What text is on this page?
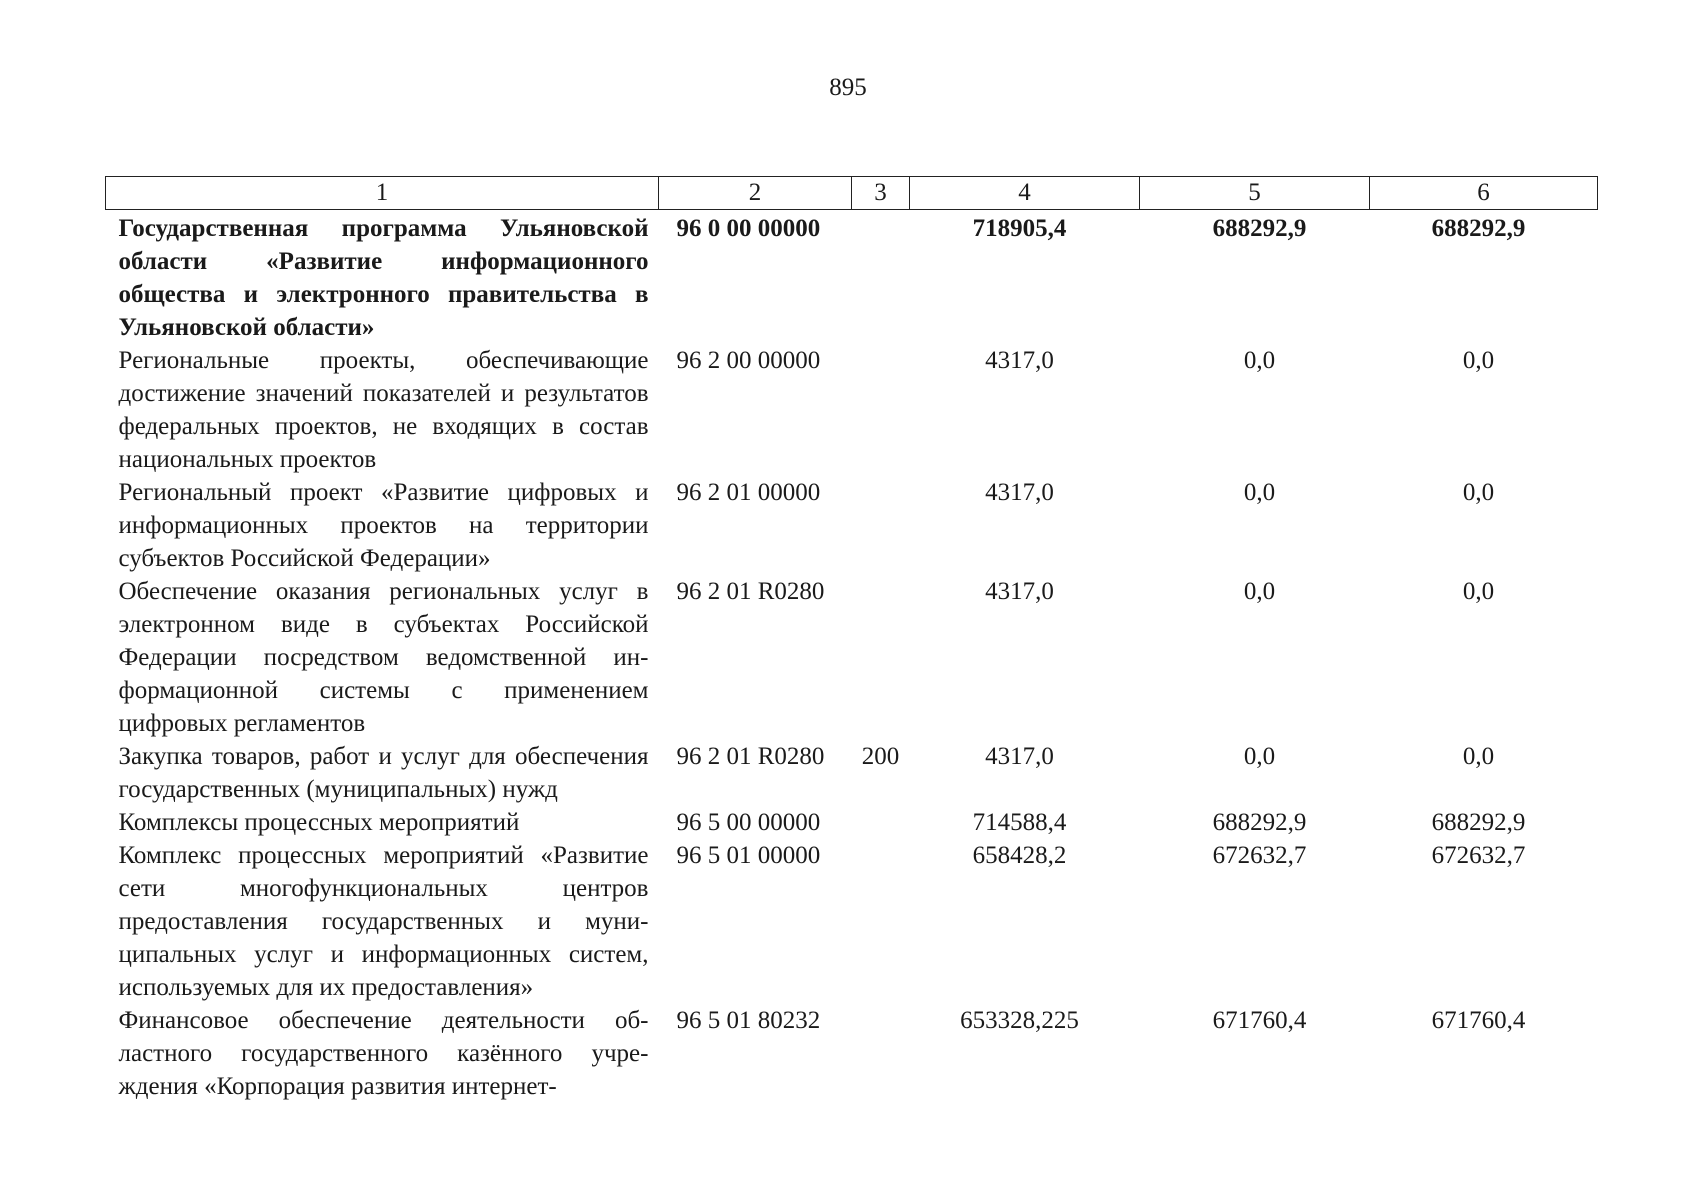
895
1	2	3	4	5	6
Государственная программа Ульяновской области «Развитие информационного общества и электронного правительства в Ульяновской области»	96 0 00 00000		718905,4	688292,9	688292,9
Региональные проекты, обеспечивающие достижение значений показателей и результатов федеральных проектов, не входящих в состав национальных проектов	96 2 00 00000		4317,0	0,0	0,0
Региональный проект «Развитие цифровых и информационных проектов на территории субъектов Российской Федерации»	96 2 01 00000		4317,0	0,0	0,0
Обеспечение оказания региональных услуг в электронном виде в субъектах Российской Федерации посредством ведомственной информационной системы с применением цифровых регламентов	96 2 01 R0280		4317,0	0,0	0,0
Закупка товаров, работ и услуг для обеспечения государственных (муниципальных) нужд	96 2 01 R0280	200	4317,0	0,0	0,0
Комплексы процессных мероприятий	96 5 00 00000		714588,4	688292,9	688292,9
Комплекс процессных мероприятий «Развитие сети многофункциональных центров предоставления государственных и муниципальных услуг и информационных систем, используемых для их предоставления»	96 5 01 00000		658428,2	672632,7	672632,7
Финансовое обеспечение деятельности областного государственного казённого учреждения «Корпорация развития интернет-	96 5 01 80232		653328,225	671760,4	671760,4
